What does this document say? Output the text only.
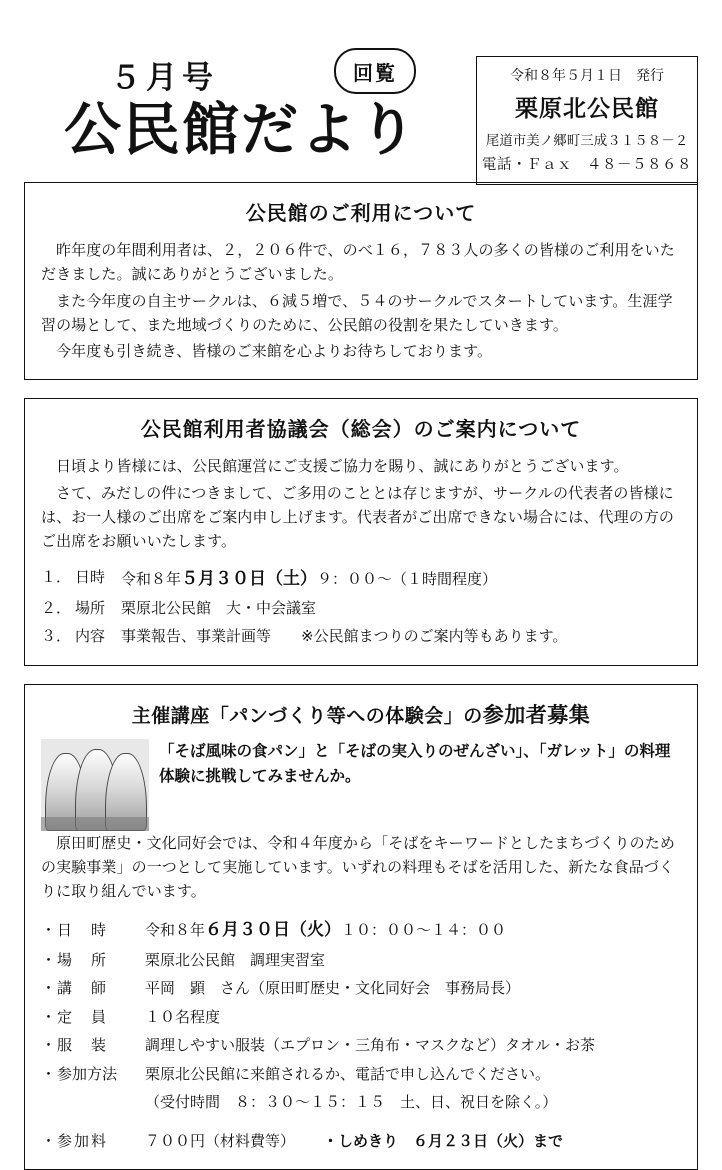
５月号	回覧
公民館だより
令和８年５月１日　発行
栗原北公民館
尾道市美ノ郷町三成３１５８－２
電話・Ｆａｘ　４８－５８６８
公民館のご利用について

昨年度の年間利用者は、２，２０６件で、のべ１６，７８３人の多くの皆様のご利用をいただきました。誠にありがとうございました。

また今年度の自主サークルは、６減５増で、５４のサークルでスタートしています。生涯学習の場として、また地域づくりのために、公民館の役割を果たしていきます。

今年度も引き続き、皆様のご来館を心よりお待ちしております。

公民館利用者協議会（総会）のご案内について

日頃より皆様には、公民館運営にご支援ご協力を賜り、誠にありがとうございます。

さて、みだしの件につきまして、ご多用のこととは存じますが、サークルの代表者の皆様には、お一人様のご出席をご案内申し上げます。代表者がご出席できない場合には、代理の方のご出席をお願いいたします。

１． 日時	令和８年５月３０日（土）９：００～（１時間程度）
２． 場所	栗原北公民館　大・中会議室
３． 内容	事業報告、事業計画等　　※公民館まつりのご案内等もあります。
主催講座「パンづくり等への体験会」の参加者募集
「そば風味の食パン」と「そばの実入りのぜんざい」、「ガレット」の料理体験に挑戦してみませんか。

原田町歴史・文化同好会では、令和４年度から「そばをキーワードとしたまちづくりのための実験事業」の一つとして実施しています。いずれの料理もそばを活用した、新たな食品づくりに取り組んでいます。

・ 日　時	令和８年６月３０日（火）１０：００～１４：００
・ 場　所	栗原北公民館　調理実習室
・ 講　師	平岡　顕　さん（原田町歴史・文化同好会　事務局長）
・ 定　員	１０名程度
・ 服　装	調理しやすい服装（エプロン・三角布・マスクなど）タオル・お茶
・ 参加方法	栗原北公民館に来館されるか、電話で申し込んでください。
（受付時間　８：３０～１５：１５　土、日、祝日を除く。）
・ 参加料	７００円（材料費等） ・しめきり　６月２３日（火）まで
